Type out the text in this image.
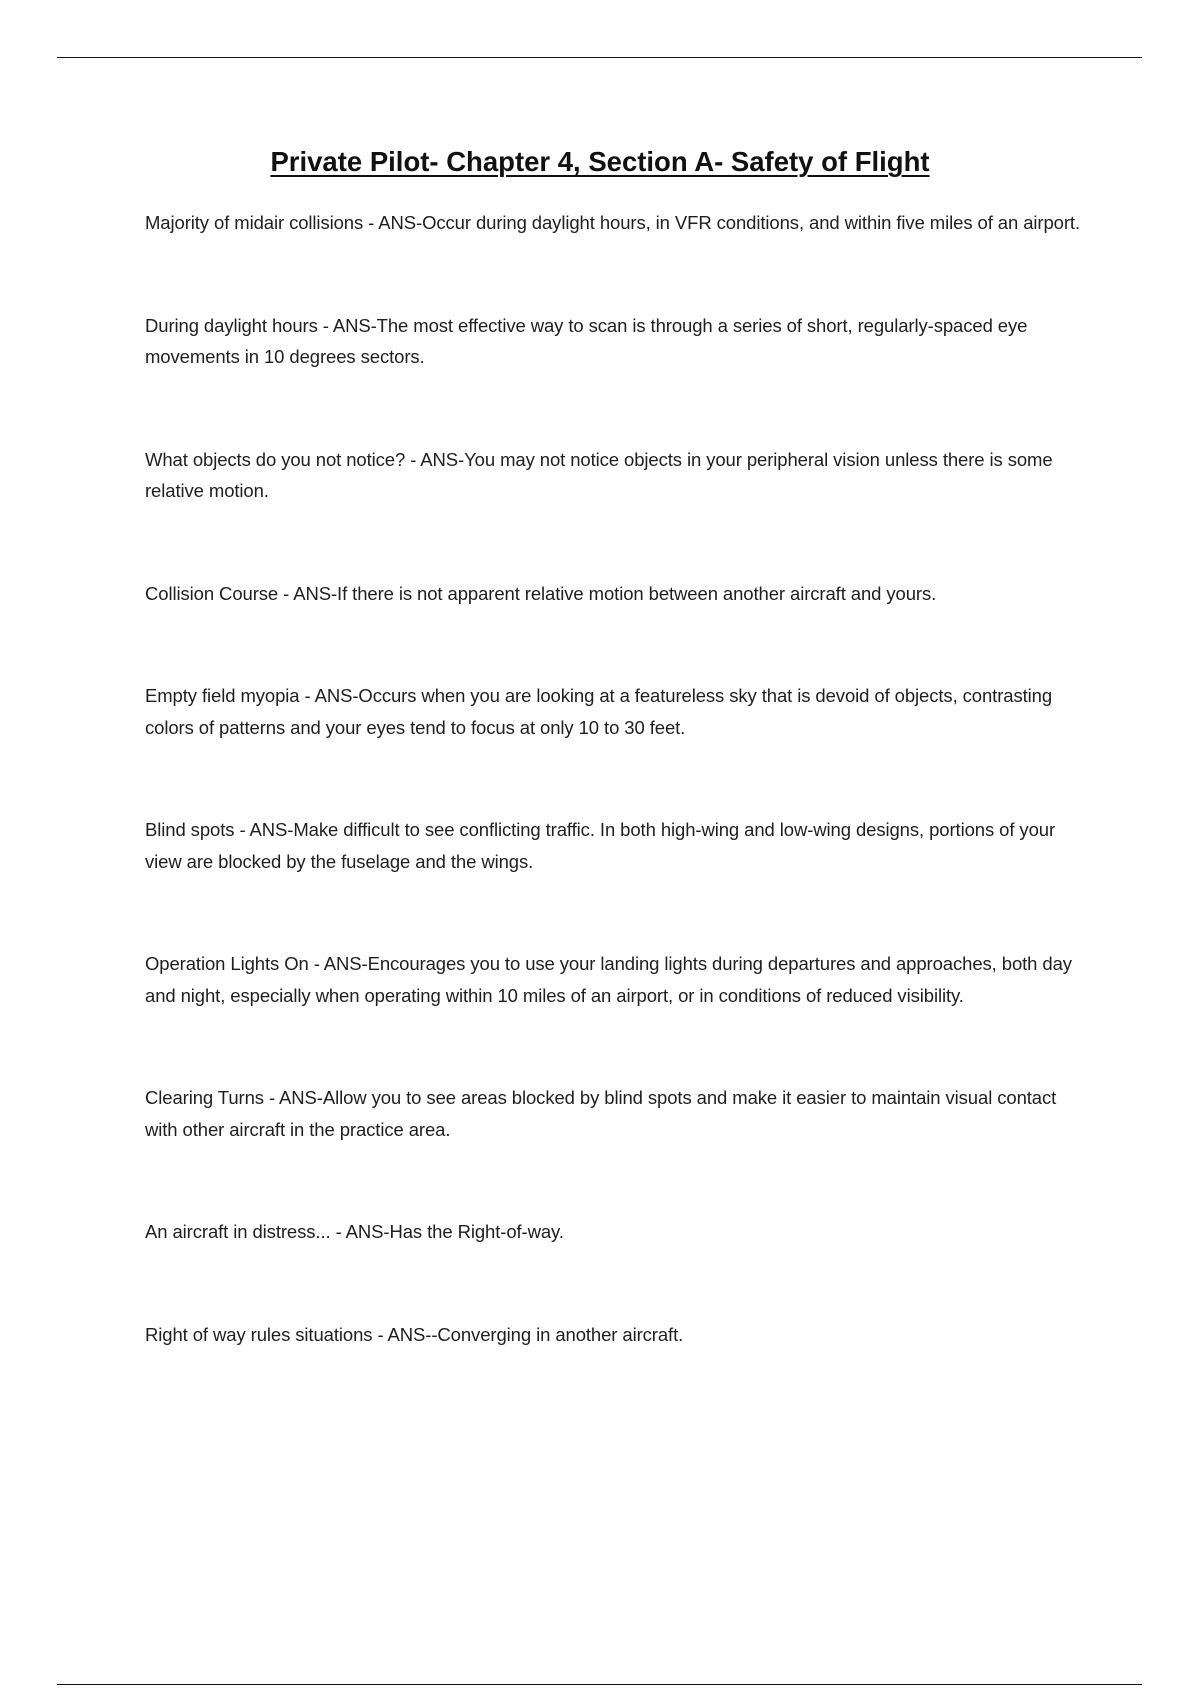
Private Pilot- Chapter 4, Section A- Safety of Flight

Majority of midair collisions - ANS-Occur during daylight hours, in VFR conditions, and within five miles of an airport.

During daylight hours - ANS-The most effective way to scan is through a series of short, regularly-spaced eye movements in 10 degrees sectors.

What objects do you not notice? - ANS-You may not notice objects in your peripheral vision unless there is some relative motion.

Collision Course - ANS-If there is not apparent relative motion between another aircraft and yours.

Empty field myopia - ANS-Occurs when you are looking at a featureless sky that is devoid of objects, contrasting colors of patterns and your eyes tend to focus at only 10 to 30 feet.

Blind spots - ANS-Make difficult to see conflicting traffic. In both high-wing and low-wing designs, portions of your view are blocked by the fuselage and the wings.

Operation Lights On - ANS-Encourages you to use your landing lights during departures and approaches, both day and night, especially when operating within 10 miles of an airport, or in conditions of reduced visibility.

Clearing Turns - ANS-Allow you to see areas blocked by blind spots and make it easier to maintain visual contact with other aircraft in the practice area.

An aircraft in distress... - ANS-Has the Right-of-way.

Right of way rules situations - ANS--Converging in another aircraft.
